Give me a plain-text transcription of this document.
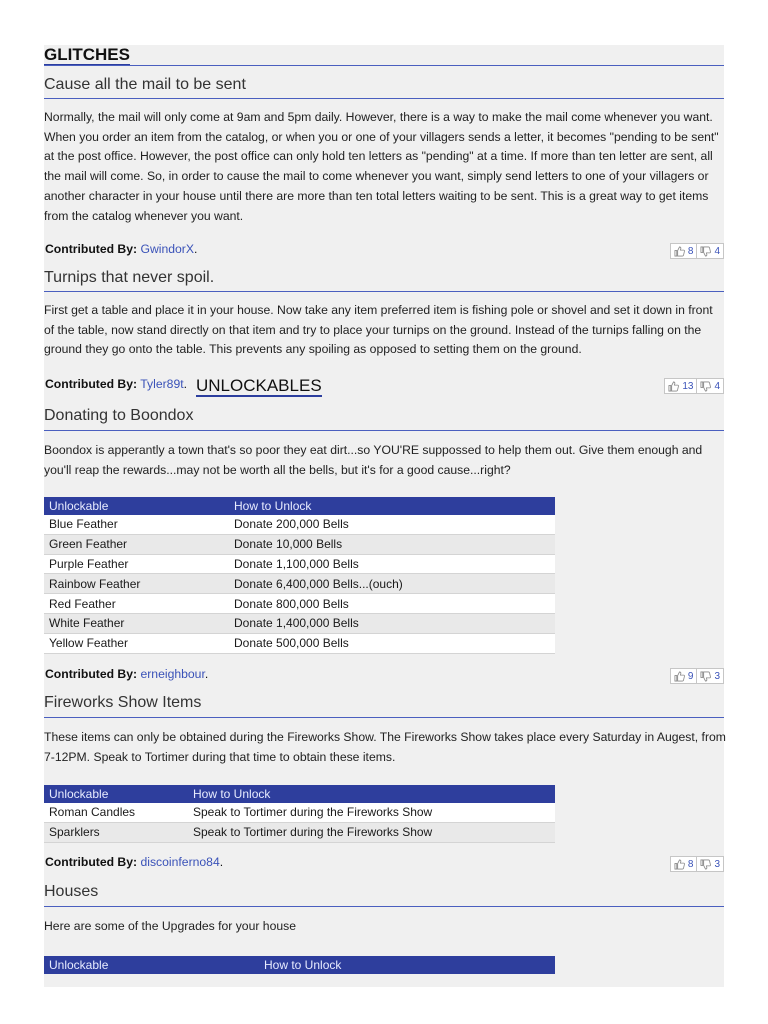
GLITCHES
Cause all the mail to be sent
Normally, the mail will only come at 9am and 5pm daily. However, there is a way to make the mail come whenever you want. When you order an item from the catalog, or when you or one of your villagers sends a letter, it becomes "pending to be sent" at the post office. However, the post office can only hold ten letters as "pending" at a time. If more than ten letter are sent, all the mail will come. So, in order to cause the mail to come whenever you want, simply send letters to one of your villagers or another character in your house until there are more than ten total letters waiting to be sent. This is a great way to get items from the catalog whenever you want.
Contributed By: GwindorX.	8 4
Turnips that never spoil.
First get a table and place it in your house. Now take any item preferred item is fishing pole or shovel and set it down in front of the table, now stand directly on that item and try to place your turnips on the ground. Instead of the turnips falling on the ground they go onto the table. This prevents any spoiling as opposed to setting them on the ground.
Contributed By: Tyler89t.	13 4
UNLOCKABLES
Donating to Boondox
Boondox is apperantly a town that's so poor they eat dirt...so YOU'RE suppossed to help them out. Give them enough and you'll reap the rewards...may not be worth all the bells, but it's for a good cause...right?
Unlockable	How to Unlock
Blue Feather	Donate 200,000 Bells
Green Feather	Donate 10,000 Bells
Purple Feather	Donate 1,100,000 Bells
Rainbow Feather	Donate 6,400,000 Bells...(ouch)
Red Feather	Donate 800,000 Bells
White Feather	Donate 1,400,000 Bells
Yellow Feather	Donate 500,000 Bells
Contributed By: erneighbour.	9 3
Fireworks Show Items
These items can only be obtained during the Fireworks Show. The Fireworks Show takes place every Saturday in Augest, from 7-12PM. Speak to Tortimer during that time to obtain these items.
Unlockable	How to Unlock
Roman Candles	Speak to Tortimer during the Fireworks Show
Sparklers	Speak to Tortimer during the Fireworks Show
Contributed By: discoinferno84.	8 3
Houses
Here are some of the Upgrades for your house
Unlockable	How to Unlock
